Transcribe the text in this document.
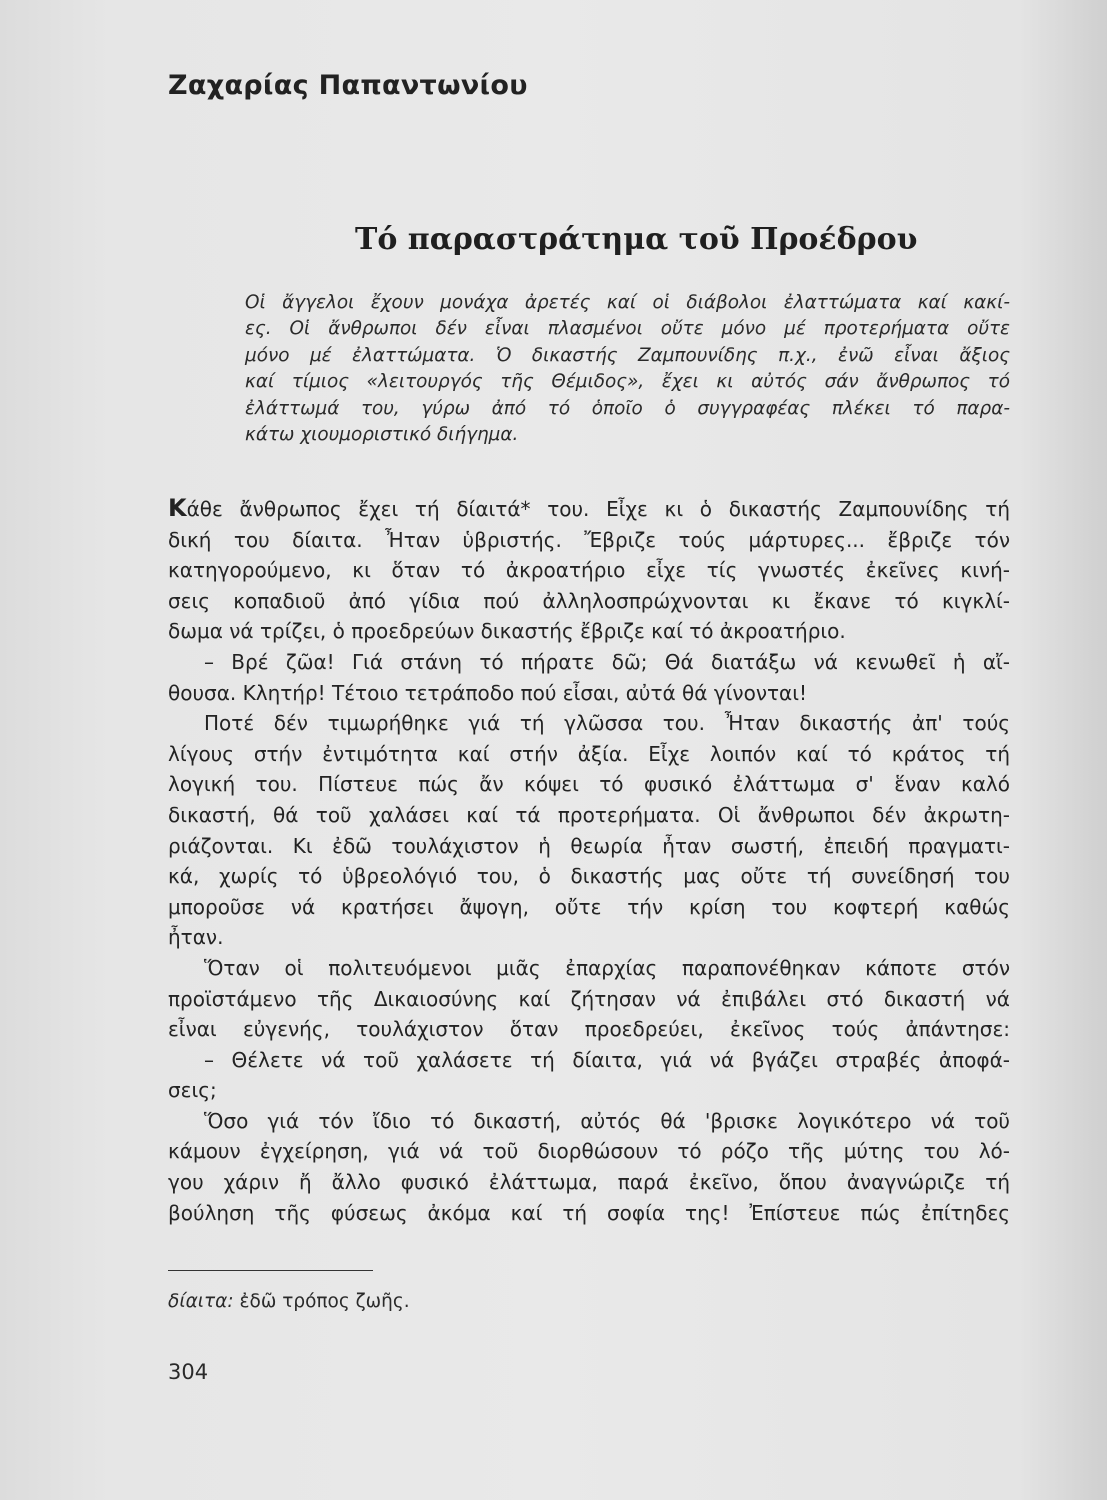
Ζαχαρίας Παπαντωνίου
Τό παραστράτημα τοῦ Προέδρου
Οἱ ἄγγελοι ἔχουν μονάχα ἀρετές καί οἱ διάβολοι ἐλαττώματα καί κακί-
ες. Οἱ ἄνθρωποι δέν εἶναι πλασμένοι οὔτε μόνο μέ προτερήματα οὔτε
μόνο μέ ἐλαττώματα. Ὁ δικαστής Ζαμπουνίδης π.χ., ἐνῶ εἶναι ἄξιος
καί τίμιος «λειτουργός τῆς Θέμιδος», ἔχει κι αὐτός σάν ἄνθρωπος τό
ἐλάττωμά του, γύρω ἀπό τό ὁποῖο ὁ συγγραφέας πλέκει τό παρα-
κάτω χιουμοριστικό διήγημα.
Κάθε ἄνθρωπος ἔχει τή δίαιτά* του. Εἶχε κι ὁ δικαστής Ζαμπουνίδης τή
δική του δίαιτα. Ἦταν ὑβριστής. Ἔβριζε τούς μάρτυρες... ἔβριζε τόν
κατηγορούμενο, κι ὅταν τό ἀκροατήριο εἶχε τίς γνωστές ἐκεῖνες κινή-
σεις κοπαδιοῦ ἀπό γίδια πού ἀλληλοσπρώχνονται κι ἔκανε τό κιγκλί-
δωμα νά τρίζει, ὁ προεδρεύων δικαστής ἔβριζε καί τό ἀκροατήριο.
– Βρέ ζῶα! Γιά στάνη τό πήρατε δῶ; Θά διατάξω νά κενωθεῖ ἡ αἴ-
θουσα. Κλητήρ! Τέτοιο τετράποδο πού εἶσαι, αὐτά θά γίνονται!
Ποτέ δέν τιμωρήθηκε γιά τή γλῶσσα του. Ἦταν δικαστής ἀπ' τούς
λίγους στήν ἐντιμότητα καί στήν ἀξία. Εἶχε λοιπόν καί τό κράτος τή
λογική του. Πίστευε πώς ἄν κόψει τό φυσικό ἐλάττωμα σ' ἕναν καλό
δικαστή, θά τοῦ χαλάσει καί τά προτερήματα. Οἱ ἄνθρωποι δέν ἀκρωτη-
ριάζονται. Κι ἐδῶ τουλάχιστον ἡ θεωρία ἦταν σωστή, ἐπειδή πραγματι-
κά, χωρίς τό ὑβρεολόγιό του, ὁ δικαστής μας οὔτε τή συνείδησή του
μποροῦσε νά κρατήσει ἄψογη, οὔτε τήν κρίση του κοφτερή καθώς
ἦταν.
Ὅταν οἱ πολιτευόμενοι μιᾶς ἐπαρχίας παραπονέθηκαν κάποτε στόν
προϊστάμενο τῆς Δικαιοσύνης καί ζήτησαν νά ἐπιβάλει στό δικαστή νά
εἶναι εὐγενής, τουλάχιστον ὅταν προεδρεύει, ἐκεῖνος τούς ἀπάντησε:
– Θέλετε νά τοῦ χαλάσετε τή δίαιτα, γιά νά βγάζει στραβές ἀποφά-
σεις;
Ὅσο γιά τόν ἴδιο τό δικαστή, αὐτός θά 'βρισκε λογικότερο νά τοῦ
κάμουν ἐγχείρηση, γιά νά τοῦ διορθώσουν τό ρόζο τῆς μύτης του λό-
γου χάριν ἤ ἄλλο φυσικό ἐλάττωμα, παρά ἐκεῖνο, ὅπου ἀναγνώριζε τή
βούληση τῆς φύσεως ἀκόμα καί τή σοφία της! Ἐπίστευε πώς ἐπίτηδες
δίαιτα: ἐδῶ τρόπος ζωῆς.
304
